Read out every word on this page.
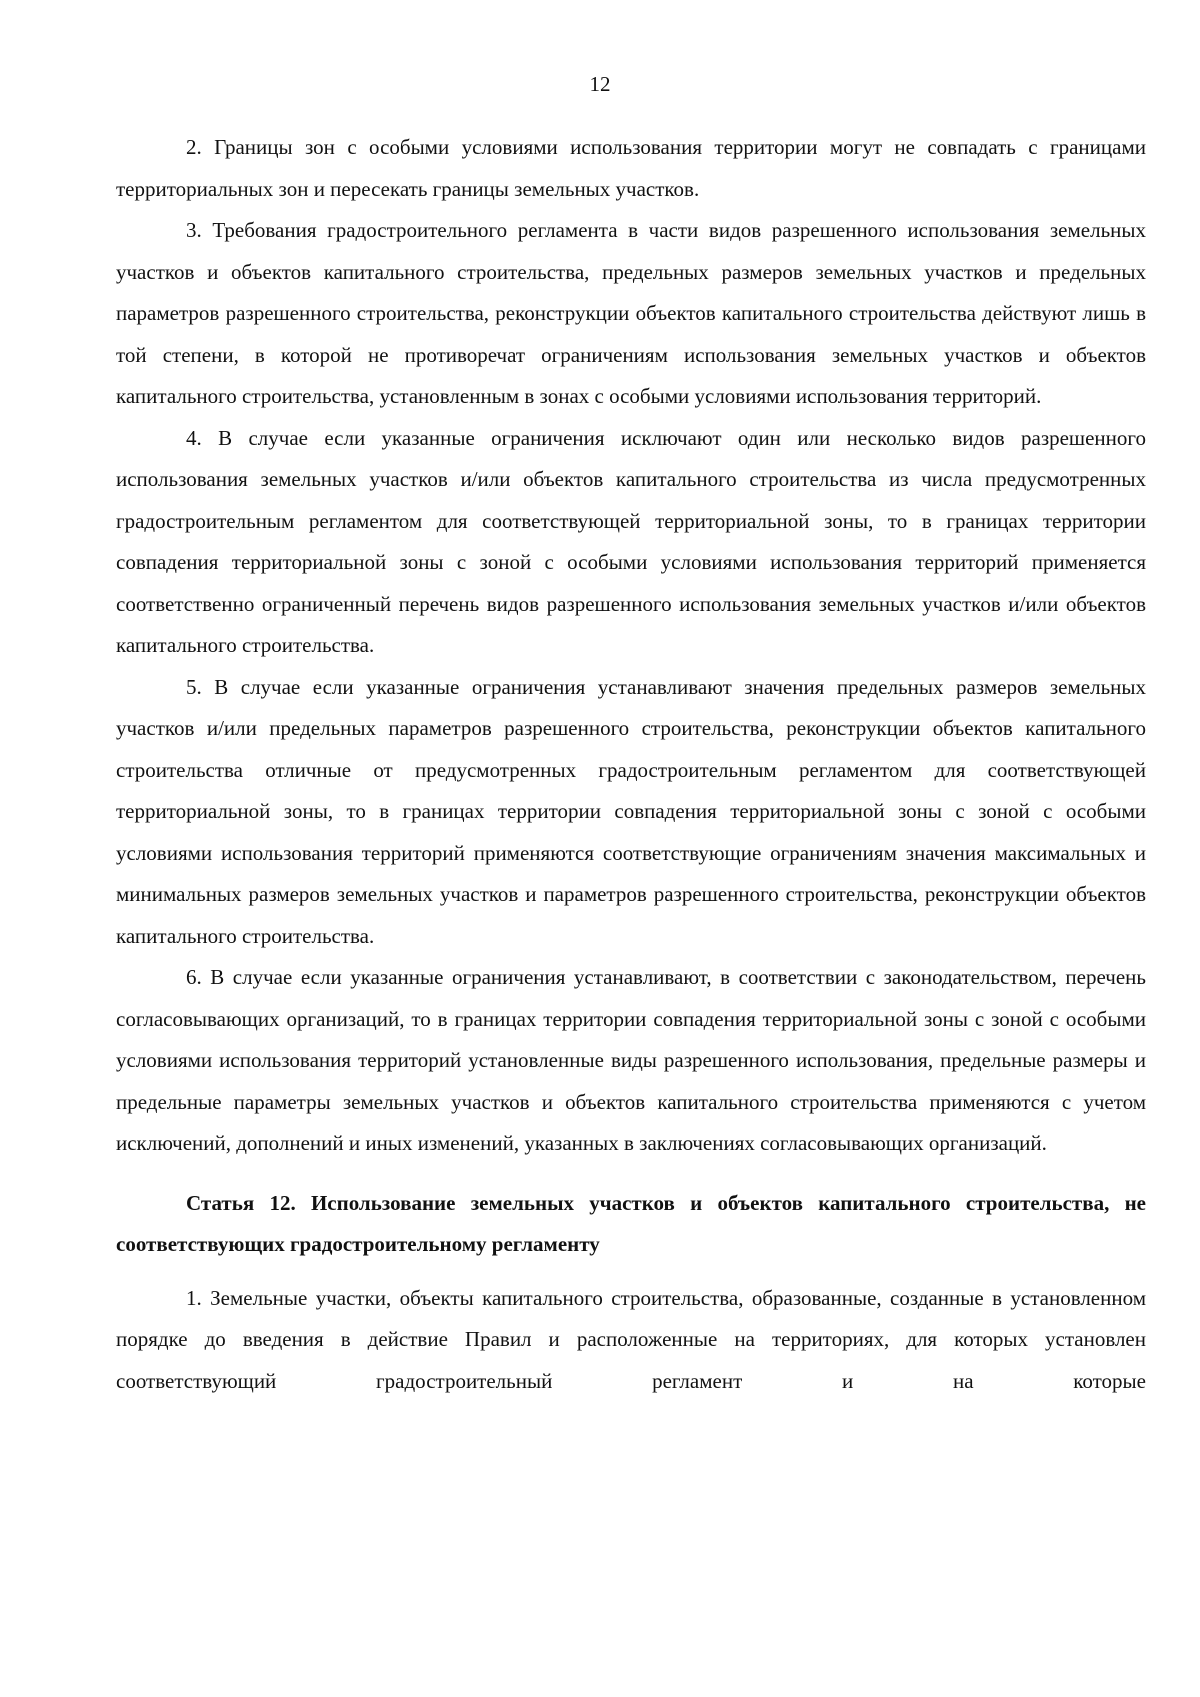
12

2. Границы зон с особыми условиями использования территории могут не совпадать с границами территориальных зон и пересекать границы земельных участков.

3. Требования градостроительного регламента в части видов разрешенного использования земельных участков и объектов капитального строительства, предельных размеров земельных участков и предельных параметров разрешенного строительства, реконструкции объектов капитального строительства действуют лишь в той степени, в которой не противоречат ограничениям использования земельных участков и объектов капитального строительства, установленным в зонах с особыми условиями использования территорий.

4. В случае если указанные ограничения исключают один или несколько видов разрешенного использования земельных участков и/или объектов капитального строительства из числа предусмотренных градостроительным регламентом для соответствующей территориальной зоны, то в границах территории совпадения территориальной зоны с зоной с особыми условиями использования территорий применяется соответственно ограниченный перечень видов разрешенного использования земельных участков и/или объектов капитального строительства.

5. В случае если указанные ограничения устанавливают значения предельных размеров земельных участков и/или предельных параметров разрешенного строительства, реконструкции объектов капитального строительства отличные от предусмотренных градостроительным регламентом для соответствующей территориальной зоны, то в границах территории совпадения территориальной зоны с зоной с особыми условиями использования территорий применяются соответствующие ограничениям значения максимальных и минимальных размеров земельных участков и параметров разрешенного строительства, реконструкции объектов капитального строительства.

6. В случае если указанные ограничения устанавливают, в соответствии с законодательством, перечень согласовывающих организаций, то в границах территории совпадения территориальной зоны с зоной с особыми условиями использования территорий установленные виды разрешенного использования, предельные размеры и предельные параметры земельных участков и объектов капитального строительства применяются с учетом исключений, дополнений и иных изменений, указанных в заключениях согласовывающих организаций.

Статья 12. Использование земельных участков и объектов капитального строительства, не соответствующих градостроительному регламенту

1. Земельные участки, объекты капитального строительства, образованные, созданные в установленном порядке до введения в действие Правил и расположенные на территориях, для которых установлен соответствующий градостроительный регламент и на которые
